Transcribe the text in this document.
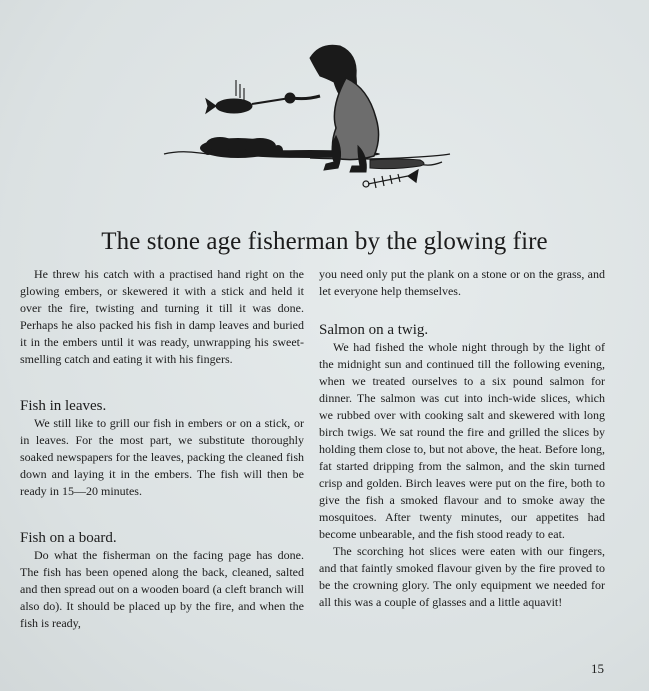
The stone age fisherman by the glowing fire

He threw his catch with a practised hand right on the glowing embers, or skewered it with a stick and held it over the fire, twisting and turning it till it was done. Perhaps he also packed his fish in damp leaves and buried it in the embers until it was ready, unwrapping his sweet-smelling catch and eating it with his fingers.

Fish in leaves.

We still like to grill our fish in embers or on a stick, or in leaves. For the most part, we substitute thoroughly soaked newspapers for the leaves, packing the cleaned fish down and laying it in the embers. The fish will then be ready in 15—20 minutes.

Fish on a board.

Do what the fisherman on the facing page has done. The fish has been opened along the back, cleaned, salted and then spread out on a wooden board (a cleft branch will also do). It should be placed up by the fire, and when the fish is ready,

you need only put the plank on a stone or on the grass, and let everyone help themselves.

Salmon on a twig.

We had fished the whole night through by the light of the midnight sun and continued till the following evening, when we treated ourselves to a six pound salmon for dinner. The salmon was cut into inch-wide slices, which we rubbed over with cooking salt and skewered with long birch twigs. We sat round the fire and grilled the slices by holding them close to, but not above, the heat. Before long, fat started dripping from the salmon, and the skin turned crisp and golden. Birch leaves were put on the fire, both to give the fish a smoked flavour and to smoke away the mosquitoes. After twenty minutes, our appetites had become unbearable, and the fish stood ready to eat.

The scorching hot slices were eaten with our fingers, and that faintly smoked flavour given by the fire proved to be the crowning glory. The only equipment we needed for all this was a couple of glasses and a little aquavit!

15
